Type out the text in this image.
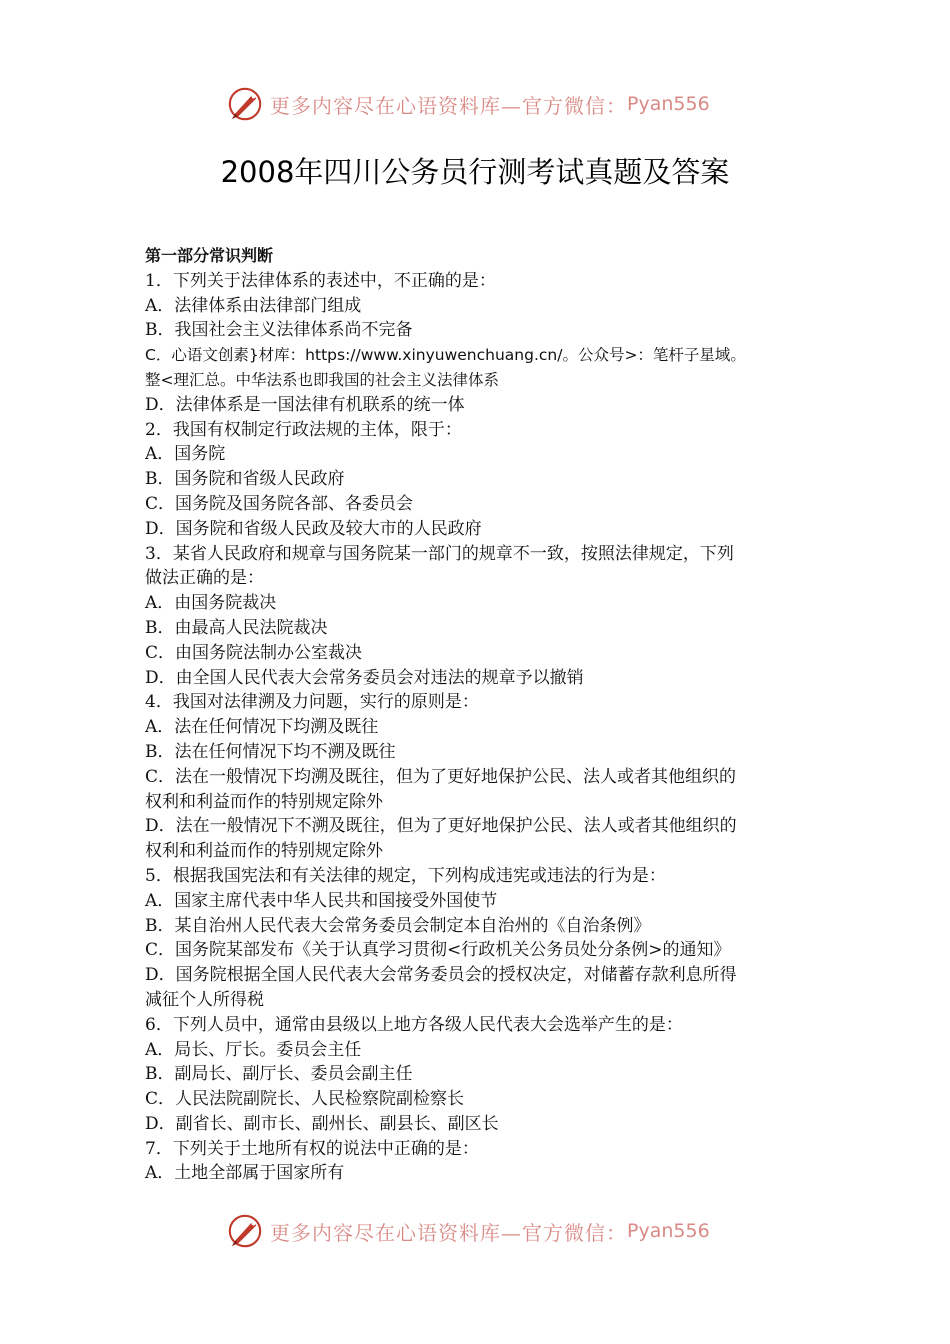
更多内容尽在心语资料库—官方微信： Pyan556
2008年四川公务员行测考试真题及答案
第一部分常识判断
1．下列关于法律体系的表述中，不正确的是：
A．法律体系由法律部门组成
B．我国社会主义法律体系尚不完备
C．心语文创素}材库：https://www.xinyuwenchuang.cn/。公众号>：笔杆子星域。
整<理汇总。中华法系也即我国的社会主义法律体系
D．法律体系是一国法律有机联系的统一体
2．我国有权制定行政法规的主体，限于：
A．国务院
B．国务院和省级人民政府
C．国务院及国务院各部、各委员会
D．国务院和省级人民政及较大市的人民政府
3．某省人民政府和规章与国务院某一部门的规章不一致，按照法律规定，下列
做法正确的是：
A．由国务院裁决
B．由最高人民法院裁决
C．由国务院法制办公室裁决
D．由全国人民代表大会常务委员会对违法的规章予以撤销
4．我国对法律溯及力问题，实行的原则是：
A．法在任何情况下均溯及既往
B．法在任何情况下均不溯及既往
C．法在一般情况下均溯及既往，但为了更好地保护公民、法人或者其他组织的
权利和利益而作的特别规定除外
D．法在一般情况下不溯及既往，但为了更好地保护公民、法人或者其他组织的
权利和利益而作的特别规定除外
5．根据我国宪法和有关法律的规定，下列构成违宪或违法的行为是：
A．国家主席代表中华人民共和国接受外国使节
B．某自治州人民代表大会常务委员会制定本自治州的《自治条例》
C．国务院某部发布《关于认真学习贯彻<行政机关公务员处分条例>的通知》
D．国务院根据全国人民代表大会常务委员会的授权决定，对储蓄存款利息所得
减征个人所得税
6．下列人员中，通常由县级以上地方各级人民代表大会选举产生的是：
A．局长、厅长。委员会主任
B．副局长、副厅长、委员会副主任
C．人民法院副院长、人民检察院副检察长
D．副省长、副市长、副州长、副县长、副区长
7．下列关于土地所有权的说法中正确的是：
A．土地全部属于国家所有
更多内容尽在心语资料库—官方微信： Pyan556
